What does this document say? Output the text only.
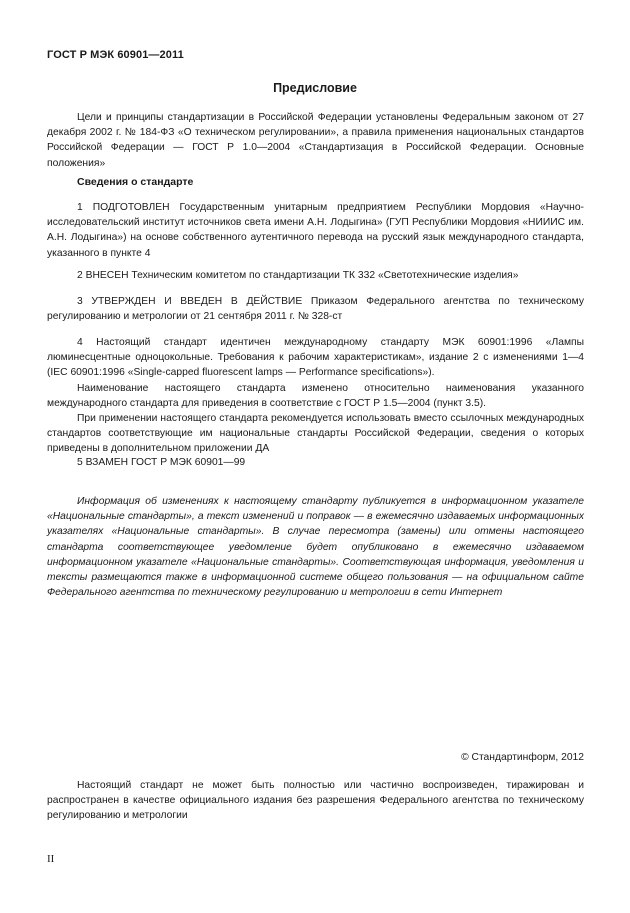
ГОСТ Р МЭК 60901—2011
Предисловие

Цели и принципы стандартизации в Российской Федерации установлены Федеральным законом от 27 декабря 2002 г. № 184-ФЗ «О техническом регулировании», а правила применения национальных стандартов Российской Федерации — ГОСТ Р 1.0—2004 «Стандартизация в Российской Федерации. Основные положения»

Сведения о стандарте

1 ПОДГОТОВЛЕН Государственным унитарным предприятием Республики Мордовия «Научно-исследовательский институт источников света имени А.Н. Лодыгина» (ГУП Республики Мордовия «НИИИС им. А.Н. Лодыгина») на основе собственного аутентичного перевода на русский язык международного стандарта, указанного в пункте 4

2 ВНЕСЕН Техническим комитетом по стандартизации ТК 332 «Светотехнические изделия»

3 УТВЕРЖДЕН И ВВЕДЕН В ДЕЙСТВИЕ Приказом Федерального агентства по техническому регулированию и метрологии от 21 сентября 2011 г. № 328-ст

4 Настоящий стандарт идентичен международному стандарту МЭК 60901:1996 «Лампы люминесцентные одноцокольные. Требования к рабочим характеристикам», издание 2 с изменениями 1—4 (IEC 60901:1996 «Single-capped fluorescent lamps — Performance specifications»).

Наименование настоящего стандарта изменено относительно наименования указанного международного стандарта для приведения в соответствие с ГОСТ Р 1.5—2004 (пункт 3.5).

При применении настоящего стандарта рекомендуется использовать вместо ссылочных международных стандартов соответствующие им национальные стандарты Российской Федерации, сведения о которых приведены в дополнительном приложении ДА

5 ВЗАМЕН ГОСТ Р МЭК 60901—99

Информация об изменениях к настоящему стандарту публикуется в информационном указателе «Национальные стандарты», а текст изменений и поправок — в ежемесячно издаваемых информационных указателях «Национальные стандарты». В случае пересмотра (замены) или отмены настоящего стандарта соответствующее уведомление будет опубликовано в ежемесячно издаваемом информационном указателе «Национальные стандарты». Соответствующая информация, уведомления и тексты размещаются также в информационной системе общего пользования — на официальном сайте Федерального агентства по техническому регулированию и метрологии в сети Интернет

© Стандартинформ, 2012

Настоящий стандарт не может быть полностью или частично воспроизведен, тиражирован и распространен в качестве официального издания без разрешения Федерального агентства по техническому регулированию и метрологии

II
